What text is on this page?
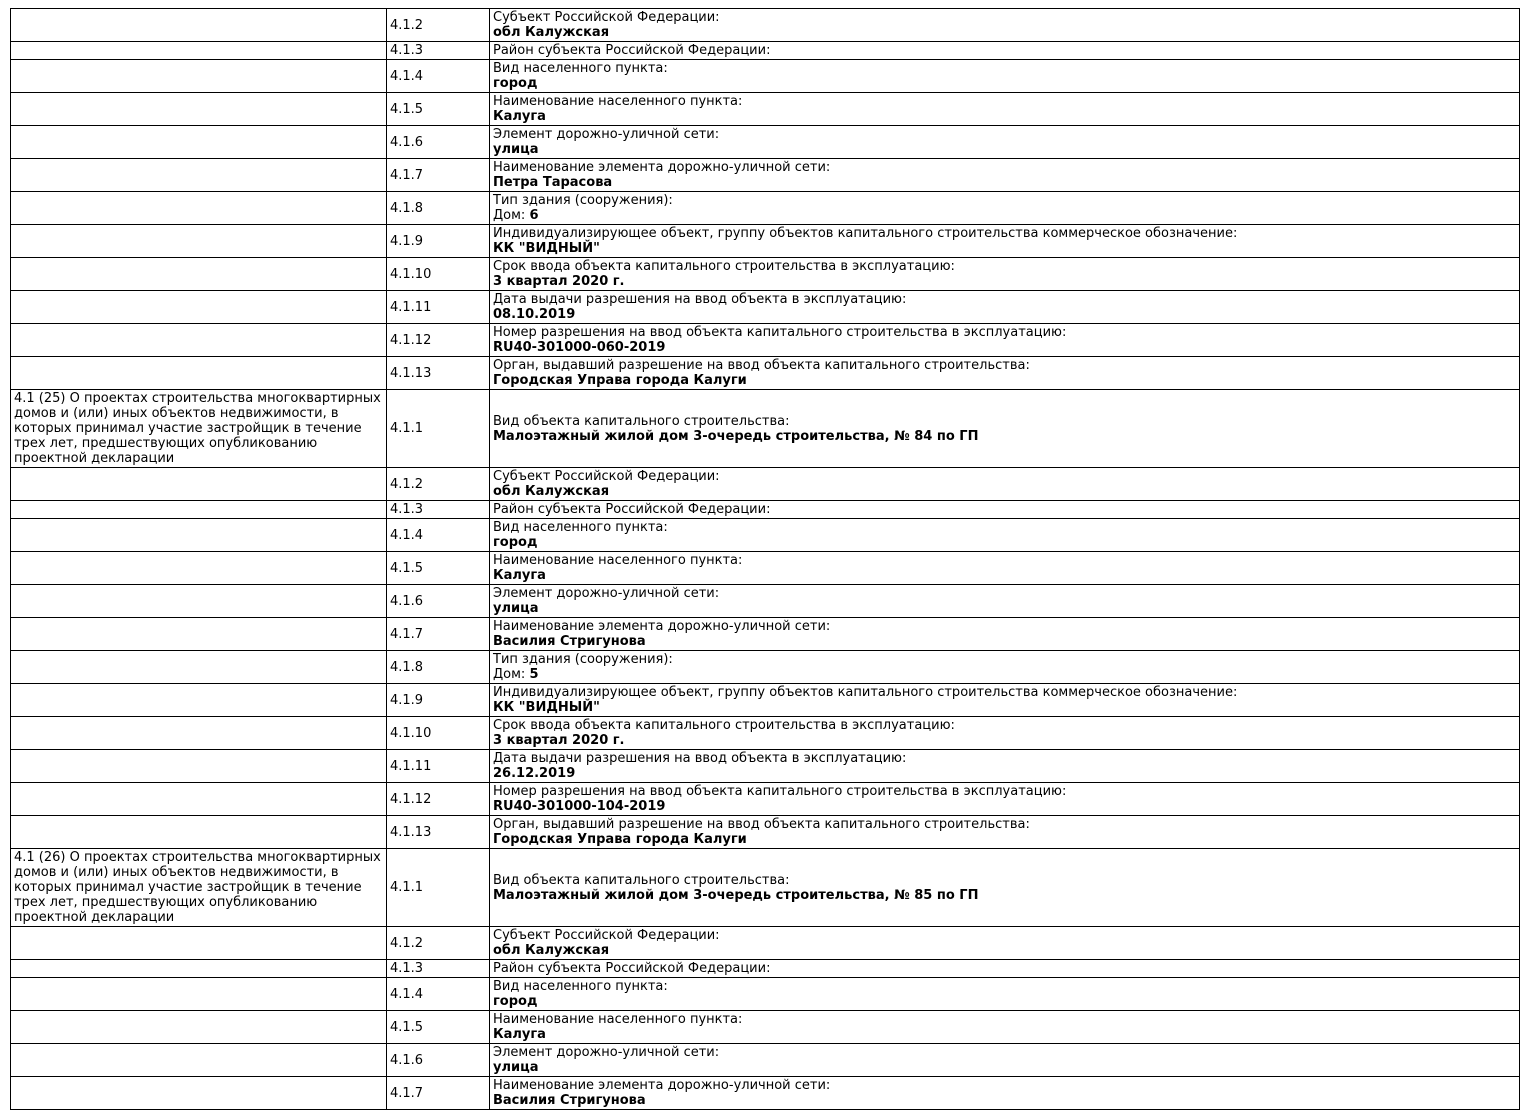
	4.1.2	Субъект Российской Федерации:
обл Калужская

	4.1.3	Район субъекта Российской Федерации:

	4.1.4	Вид населенного пункта:
город

	4.1.5	Наименование населенного пункта:
Калуга

	4.1.6	Элемент дорожно-уличной сети:
улица

	4.1.7	Наименование элемента дорожно-уличной сети:
Петра Тарасова

	4.1.8	Тип здания (сооружения):
Дом: 6

	4.1.9	Индивидуализирующее объект, группу объектов капитального строительства коммерческое обозначение:
КК "ВИДНЫЙ"

	4.1.10	Срок ввода объекта капитального строительства в эксплуатацию:
3 квартал 2020 г.

	4.1.11	Дата выдачи разрешения на ввод объекта в эксплуатацию:
08.10.2019

	4.1.12	Номер разрешения на ввод объекта капитального строительства в эксплуатацию:
RU40-301000-060-2019

	4.1.13	Орган, выдавший разрешение на ввод объекта капитального строительства:
Городская Управа города Калуги

4.1 (25) О проектах строительства многоквартирных домов и (или) иных объектов недвижимости, в которых принимал участие застройщик в течение трех лет, предшествующих опубликованию проектной декларации	4.1.1	Вид объекта капитального строительства:
Малоэтажный жилой дом 3-очередь строительства, № 84 по ГП

	4.1.2	Субъект Российской Федерации:
обл Калужская

	4.1.3	Район субъекта Российской Федерации:

	4.1.4	Вид населенного пункта:
город

	4.1.5	Наименование населенного пункта:
Калуга

	4.1.6	Элемент дорожно-уличной сети:
улица

	4.1.7	Наименование элемента дорожно-уличной сети:
Василия Стригунова

	4.1.8	Тип здания (сооружения):
Дом: 5

	4.1.9	Индивидуализирующее объект, группу объектов капитального строительства коммерческое обозначение:
КК "ВИДНЫЙ"

	4.1.10	Срок ввода объекта капитального строительства в эксплуатацию:
3 квартал 2020 г.

	4.1.11	Дата выдачи разрешения на ввод объекта в эксплуатацию:
26.12.2019

	4.1.12	Номер разрешения на ввод объекта капитального строительства в эксплуатацию:
RU40-301000-104-2019

	4.1.13	Орган, выдавший разрешение на ввод объекта капитального строительства:
Городская Управа города Калуги

4.1 (26) О проектах строительства многоквартирных домов и (или) иных объектов недвижимости, в которых принимал участие застройщик в течение трех лет, предшествующих опубликованию проектной декларации	4.1.1	Вид объекта капитального строительства:
Малоэтажный жилой дом 3-очередь строительства, № 85 по ГП

	4.1.2	Субъект Российской Федерации:
обл Калужская

	4.1.3	Район субъекта Российской Федерации:

	4.1.4	Вид населенного пункта:
город

	4.1.5	Наименование населенного пункта:
Калуга

	4.1.6	Элемент дорожно-уличной сети:
улица

	4.1.7	Наименование элемента дорожно-уличной сети:
Василия Стригунова
